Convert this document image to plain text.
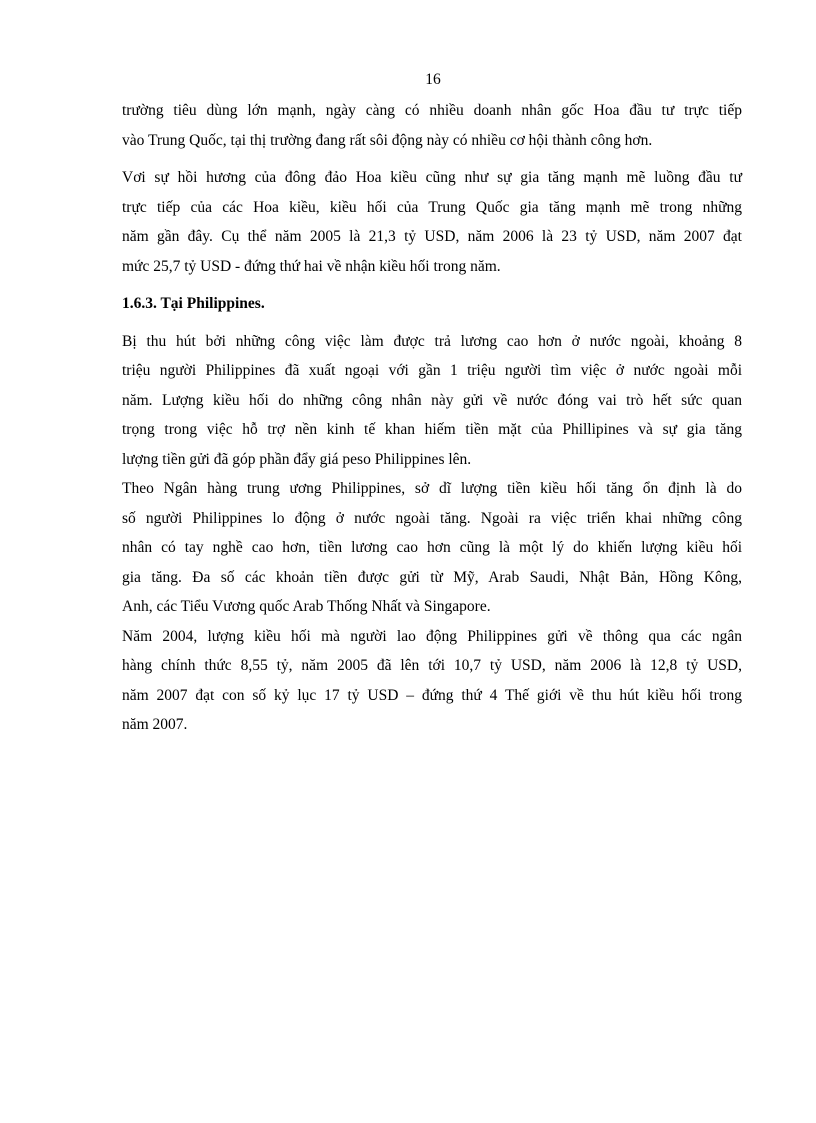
16

trường tiêu dùng lớn mạnh, ngày càng có nhiều doanh nhân gốc Hoa đầu tư trực tiếp
vào Trung Quốc, tại thị trường đang rất sôi động này có nhiều cơ hội thành công hơn.

Vơi sự hồi hương của đông đảo Hoa kiều cũng như sự gia tăng mạnh mẽ luồng đầu tư
trực tiếp của các Hoa kiều, kiều hối của Trung Quốc gia tăng mạnh mẽ trong những
năm gần đây. Cụ thể năm 2005 là 21,3 tỷ USD, năm 2006 là 23 tỷ USD, năm 2007 đạt
mức 25,7 tỷ USD - đứng thứ hai về nhận kiều hối trong năm.

1.6.3. Tại Philippines.

Bị thu hút bởi những công việc làm được trả lương cao hơn ở nước ngoài, khoảng 8
triệu người Philippines đã xuất ngoại với gần 1 triệu người tìm việc ở nước ngoài mỗi
năm. Lượng kiều hối do những công nhân này gửi về nước đóng vai trò hết sức quan
trọng trong việc hỗ trợ nền kinh tế khan hiếm tiền mặt của Phillipines và sự gia tăng
lượng tiền gửi đã góp phần đẩy giá peso Philippines lên.

Theo Ngân hàng trung ương Philippines, sở dĩ lượng tiền kiều hối tăng ổn định là do
số người Philippines lo động ở nước ngoài tăng. Ngoài ra việc triển khai những công
nhân có tay nghề cao hơn, tiền lương cao hơn cũng là một lý do khiến lượng kiều hối
gia tăng. Đa số các khoản tiền được gửi từ Mỹ, Arab Saudi, Nhật Bản, Hồng Kông,
Anh, các Tiểu Vương quốc Arab Thống Nhất và Singapore.

Năm 2004, lượng kiều hối mà người lao động Philippines gửi về thông qua các ngân
hàng chính thức 8,55 tỷ, năm 2005 đã lên tới 10,7 tỷ USD, năm 2006 là 12,8 tỷ USD,
năm 2007 đạt con số kỷ lục 17 tỷ USD – đứng thứ 4 Thế giới về thu hút kiều hối trong
năm 2007.
